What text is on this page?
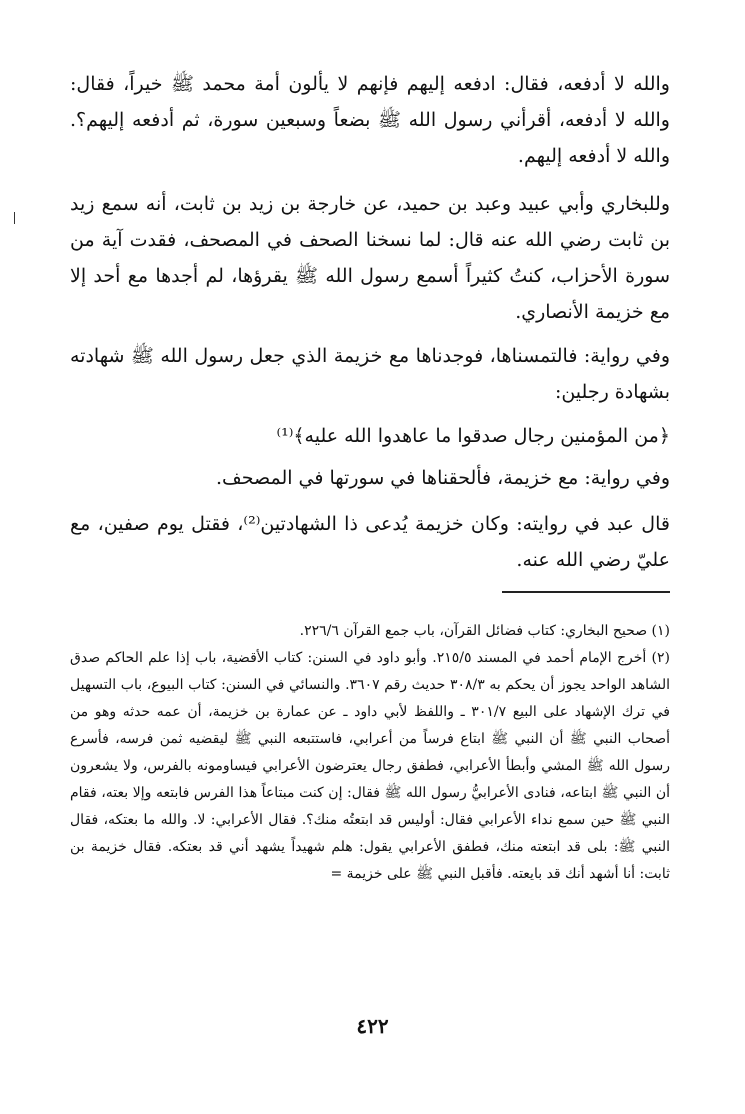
والله لا أدفعه، فقال: ادفعه إليهم فإنهم لا يألون أمة محمد ﷺ خيراً، فقال: والله لا أدفعه، أقرأني رسول الله ﷺ بضعاً وسبعين سورة، ثم أدفعه إليهم؟. والله لا أدفعه إليهم.

وللبخاري وأبي عبيد وعبد بن حميد، عن خارجة بن زيد بن ثابت، أنه سمع زيد بن ثابت رضي الله عنه قال: لما نسخنا الصحف في المصحف، فقدت آية من سورة الأحزاب، كنتُ كثيراً أسمع رسول الله ﷺ يقرؤها، لم أجدها مع أحد إلا مع خزيمة الأنصاري.

وفي رواية: فالتمسناها، فوجدناها مع خزيمة الذي جعل رسول الله ﷺ شهادته بشهادة رجلين:

﴿من المؤمنين رجال صدقوا ما عاهدوا الله عليه﴾⁽¹⁾

وفي رواية: مع خزيمة، فألحقناها في سورتها في المصحف.

قال عبد في روايته: وكان خزيمة يُدعى ذا الشهادتين⁽²⁾، فقتل يوم صفين، مع عليّ رضي الله عنه.

(١) صحيح البخاري: كتاب فضائل القرآن، باب جمع القرآن ٢٢٦/٦.

(٢) أخرج الإمام أحمد في المسند ٢١٥/٥. وأبو داود في السنن: كتاب الأقضية، باب إذا علم الحاكم صدق الشاهد الواحد يجوز أن يحكم به ٣٠٨/٣ حديث رقم ٣٦٠٧. والنسائي في السنن: كتاب البيوع، باب التسهيل في ترك الإشهاد على البيع ٣٠١/٧ ـ واللفظ لأبي داود ـ عن عمارة بن خزيمة، أن عمه حدثه وهو من أصحاب النبي ﷺ أن النبي ﷺ ابتاع فرساً من أعرابي، فاستتبعه النبي ﷺ ليقضيه ثمن فرسه، فأسرع رسول الله ﷺ المشي وأبطأ الأعرابي، فطفق رجال يعترضون الأعرابي فيساومونه بالفرس، ولا يشعرون أن النبي ﷺ ابتاعه، فنادى الأعرابيُّ رسول الله ﷺ فقال: إن كنت مبتاعاً هذا الفرس فابتعه وإلا بعته، فقام النبي ﷺ حين سمع نداء الأعرابي فقال: أوليس قد ابتعتُه منك؟. فقال الأعرابي: لا. والله ما بعتكه، فقال النبي ﷺ: بلى قد ابتعته منك، فطفق الأعرابي يقول: هلم شهيداً يشهد أني قد بعتكه. فقال خزيمة بن ثابت: أنا أشهد أنك قد بايعته. فأقبل النبي ﷺ على خزيمة =

٤٢٢
